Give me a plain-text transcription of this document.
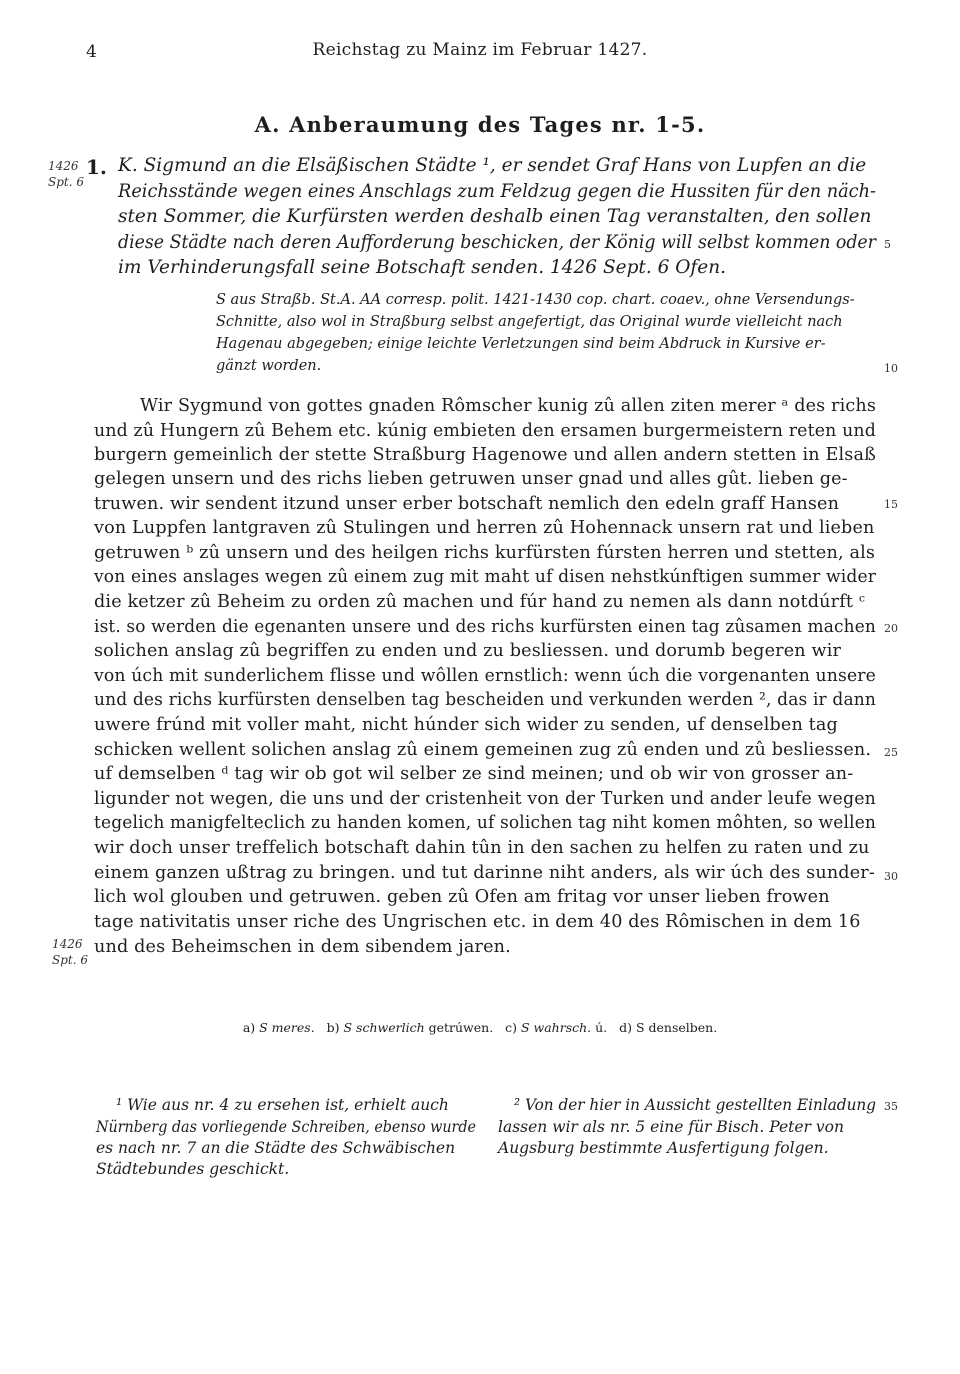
4	Reichstag zu Mainz im Februar 1427.
A. Anberaumung des Tages nr. 1-5.
1426
Spt. 6
1. K. Sigmund an die Elsäßischen Städte ¹, er sendet Graf Hans von Lupfen an die
Reichsstände wegen eines Anschlags zum Feldzug gegen die Hussiten für den näch-
sten Sommer, die Kurfürsten werden deshalb einen Tag veranstalten, den sollen
diese Städte nach deren Aufforderung beschicken, der König will selbst kommen oder
im Verhinderungsfall seine Botschaft senden. 1426 Sept. 6 Ofen.
S aus Straßb. St.A. AA corresp. polit. 1421-1430 cop. chart. coaev., ohne Versendungs-
Schnitte, also wol in Straßburg selbst angefertigt, das Original wurde vielleicht nach
Hagenau abgegeben; einige leichte Verletzungen sind beim Abdruck in Kursive er-
gänzt worden.
Wir Sygmund von gottes gnaden Rômscher kunig zû allen ziten merer ᵃ des richs
und zû Hungern zû Behem etc. kúnig embieten den ersamen burgermeistern reten und
burgern gemeinlich der stette Straßburg Hagenowe und allen andern stetten in Elsaß
gelegen unsern und des richs lieben getruwen unser gnad und alles gût. lieben ge-
truwen. wir sendent itzund unser erber botschaft nemlich den edeln graff Hansen
von Luppfen lantgraven zû Stulingen und herren zû Hohennack unsern rat und lieben
getruwen ᵇ zû unsern und des heilgen richs kurfürsten fúrsten herren und stetten, als
von eines anslages wegen zû einem zug mit maht uf disen nehstkúnftigen summer wider
die ketzer zû Beheim zu orden zû machen und fúr hand zu nemen als dann notdúrft ᶜ
ist. so werden die egenanten unsere und des richs kurfürsten einen tag zûsamen machen
solichen anslag zû begriffen zu enden und zu besliessen. und dorumb begeren wir
von úch mit sunderlichem flisse und wôllen ernstlich: wenn úch die vorgenanten unsere
und des richs kurfürsten denselben tag bescheiden und verkunden werden ², das ir dann
uwere frúnd mit voller maht, nicht húnder sich wider zu senden, uf denselben tag
schicken wellent solichen anslag zû einem gemeinen zug zû enden und zû besliessen.
uf demselben ᵈ tag wir ob got wil selber ze sind meinen; und ob wir von grosser an-
ligunder not wegen, die uns und der cristenheit von der Turken und ander leufe wegen
tegelich manigfelteclich zu handen komen, uf solichen tag niht komen môhten, so wellen
wir doch unser treffelich botschaft dahin tûn in den sachen zu helfen zu raten und zu
einem ganzen ußtrag zu bringen. und tut darinne niht anders, als wir úch des sunder-
lich wol glouben und getruwen. geben zû Ofen am fritag vor unser lieben frowen
tage nativitatis unser riche des Ungrischen etc. in dem 40 des Rômischen in dem 16
und des Beheimschen in dem sibendem jaren.
1426
Spt. 6
5
10
15
20
25
30
35
a) S meres. b) S schwerlich getrúwen. c) S wahrsch. ú. d) S denselben.
¹ Wie aus nr. 4 zu ersehen ist, erhielt auch
Nürnberg das vorliegende Schreiben, ebenso wurde
es nach nr. 7 an die Städte des Schwäbischen
Städtebundes geschickt.
² Von der hier in Aussicht gestellten Einladung
lassen wir als nr. 5 eine für Bisch. Peter von
Augsburg bestimmte Ausfertigung folgen.
